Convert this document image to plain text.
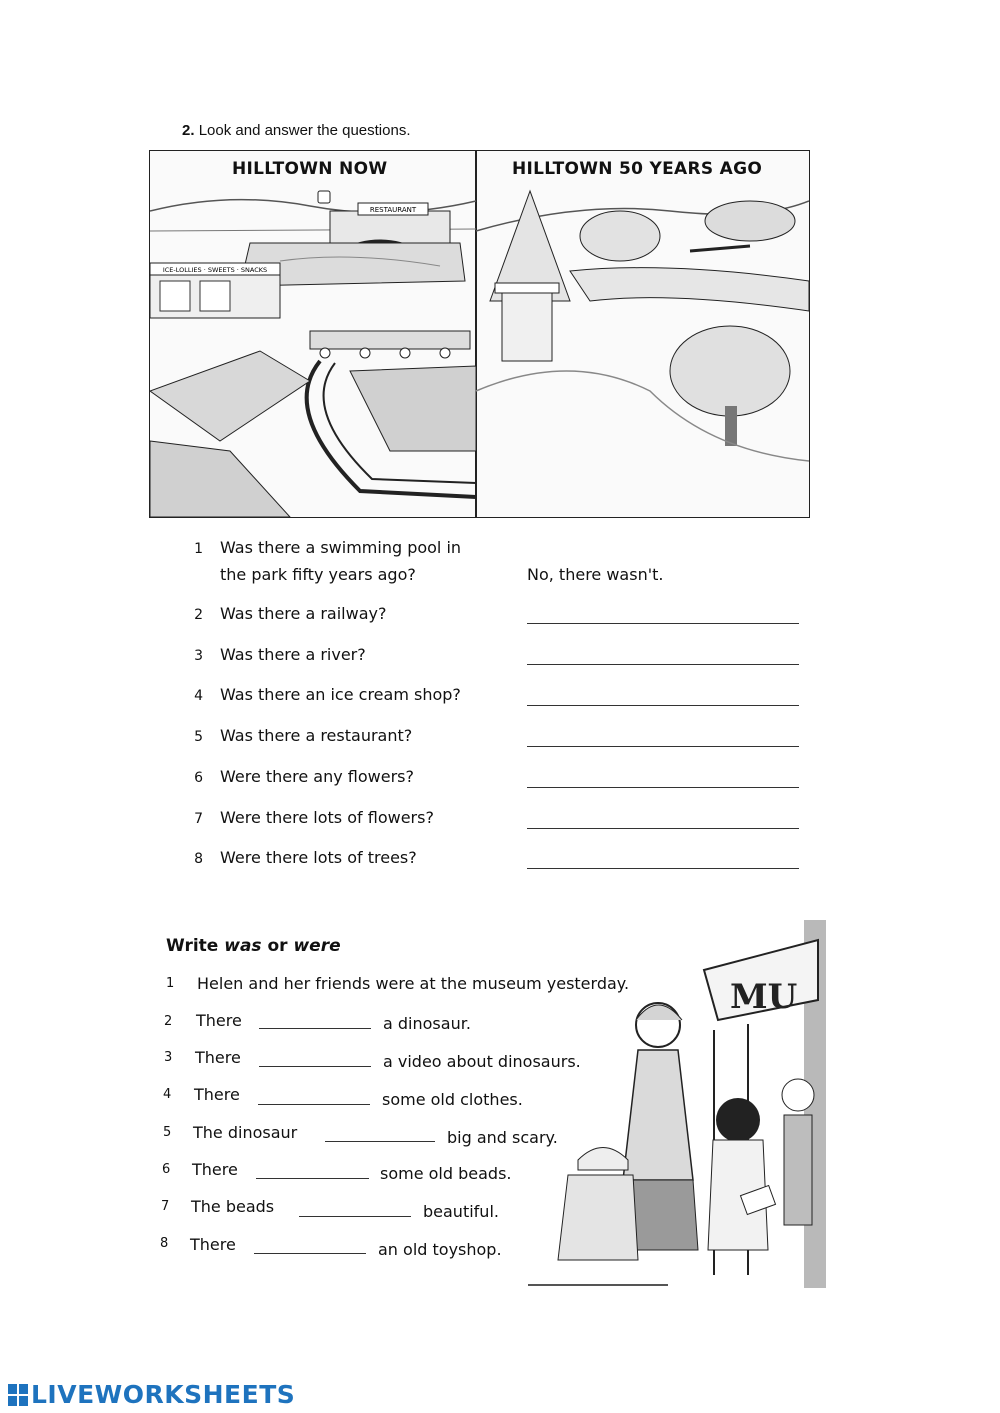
2. Look and answer the questions.
RESTAURANT
ICE-LOLLIES · SWEETS · SNACKS
HILLTOWN NOW	HILLTOWN 50 YEARS AGO
1 Was there a swimming pool in
the park fifty years ago?	No, there wasn't.
2 Was there a railway?
3 Was there a river?
4 Was there an ice cream shop?
5 Was there a restaurant?
6 Were there any flowers?
7 Were there lots of flowers?
8 Were there lots of trees?
Write was or were
MU
1 Helen and her friends were at the museum yesterday.
2 There	a dinosaur.
3 There	a video about dinosaurs.
4 There	some old clothes.
5 The dinosaur	big and scary.
6 There	some old beads.
7 The beads	beautiful.
8 There	an old toyshop.
LIVEWORKSHEETS
